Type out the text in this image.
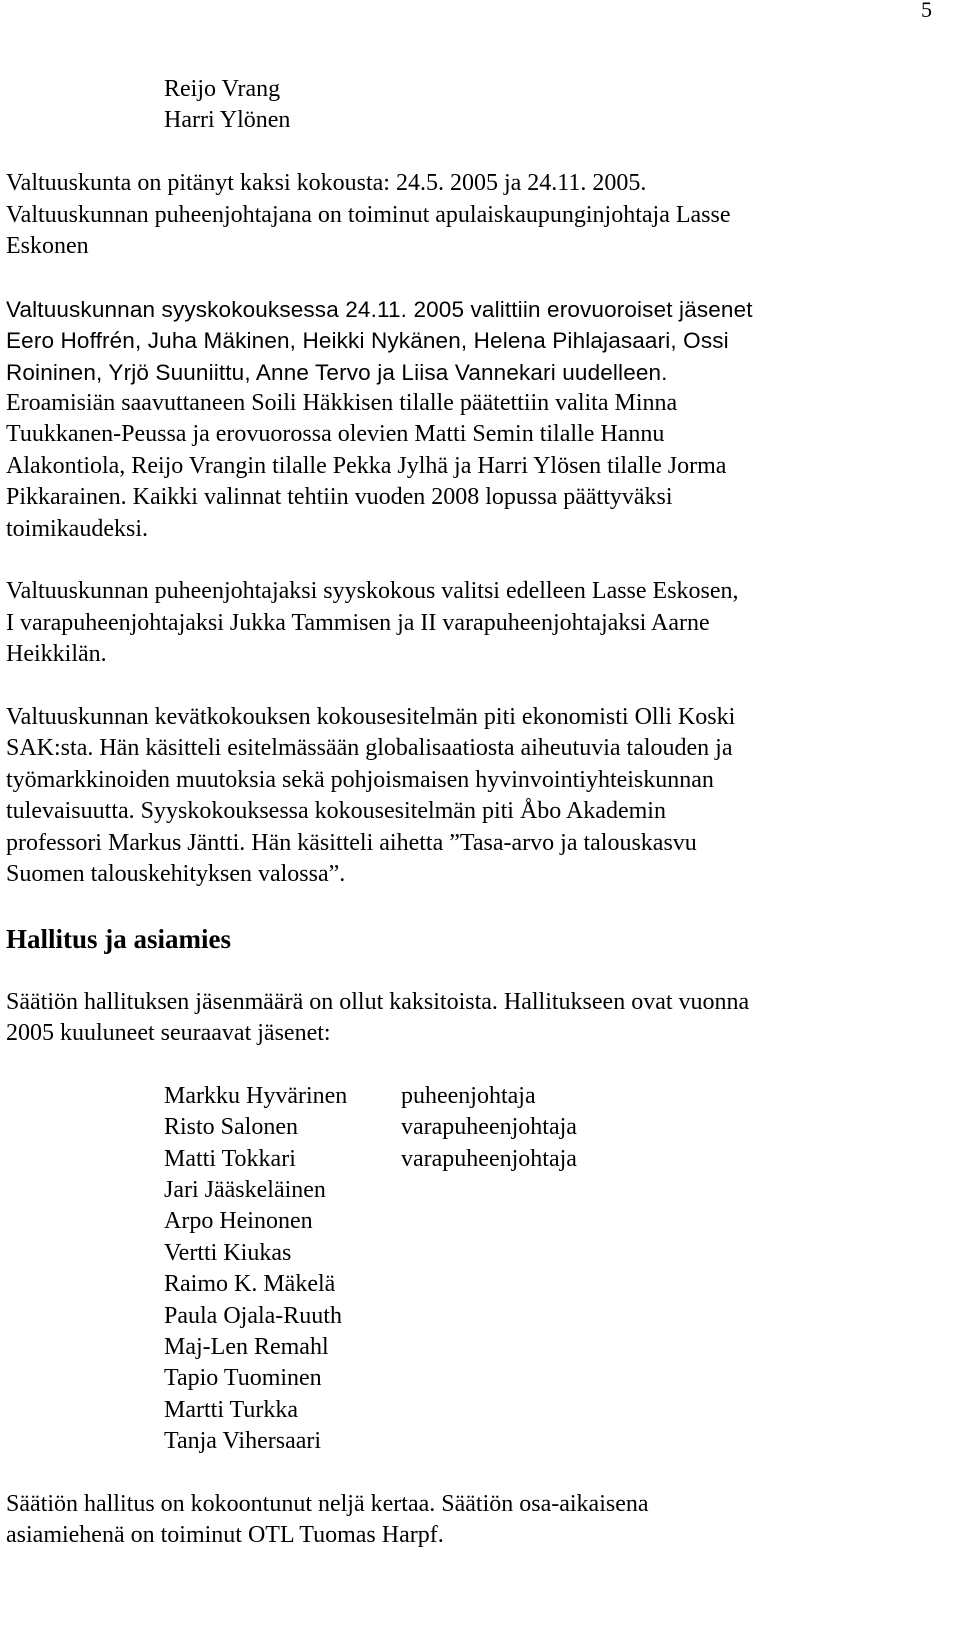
5
Reijo Vrang
Harri Ylönen
Valtuuskunta on pitänyt kaksi kokousta: 24.5. 2005 ja 24.11. 2005.
Valtuuskunnan puheenjohtajana on toiminut apulaiskaupunginjohtaja Lasse
Eskonen
Valtuuskunnan syyskokouksessa 24.11. 2005 valittiin erovuoroiset jäsenet
Eero Hoffrén, Juha Mäkinen, Heikki Nykänen, Helena Pihlajasaari, Ossi
Roininen, Yrjö Suuniittu, Anne Tervo ja Liisa Vannekari uudelleen.
Eroamisiän saavuttaneen Soili Häkkisen tilalle päätettiin valita Minna
Tuukkanen-Peussa ja erovuorossa olevien Matti Semin tilalle Hannu
Alakontiola, Reijo Vrangin tilalle Pekka Jylhä ja Harri Ylösen tilalle Jorma
Pikkarainen. Kaikki valinnat tehtiin vuoden 2008 lopussa päättyväksi
toimikaudeksi.
Valtuuskunnan puheenjohtajaksi syyskokous valitsi edelleen Lasse Eskosen,
I varapuheenjohtajaksi Jukka Tammisen ja II varapuheenjohtajaksi Aarne
Heikkilän.
Valtuuskunnan kevätkokouksen kokousesitelmän piti ekonomisti Olli Koski
SAK:sta. Hän käsitteli esitelmässään globalisaatiosta aiheutuvia talouden ja
työmarkkinoiden muutoksia sekä pohjoismaisen hyvinvointiyhteiskunnan
tulevaisuutta. Syyskokouksessa kokousesitelmän piti Åbo Akademin
professori Markus Jäntti. Hän käsitteli aihetta ”Tasa-arvo ja talouskasvu
Suomen talouskehityksen valossa”.
Hallitus ja asiamies
Säätiön hallituksen jäsenmäärä on ollut kaksitoista. Hallitukseen ovat vuonna
2005 kuuluneet seuraavat jäsenet:
Markku Hyvärinen	puheenjohtaja
Risto Salonen	varapuheenjohtaja
Matti Tokkari	varapuheenjohtaja
Jari Jääskeläinen
Arpo Heinonen
Vertti Kiukas
Raimo K. Mäkelä
Paula Ojala-Ruuth
Maj-Len Remahl
Tapio Tuominen
Martti Turkka
Tanja Vihersaari
Säätiön hallitus on kokoontunut neljä kertaa. Säätiön osa-aikaisena
asiamiehenä on toiminut OTL Tuomas Harpf.
